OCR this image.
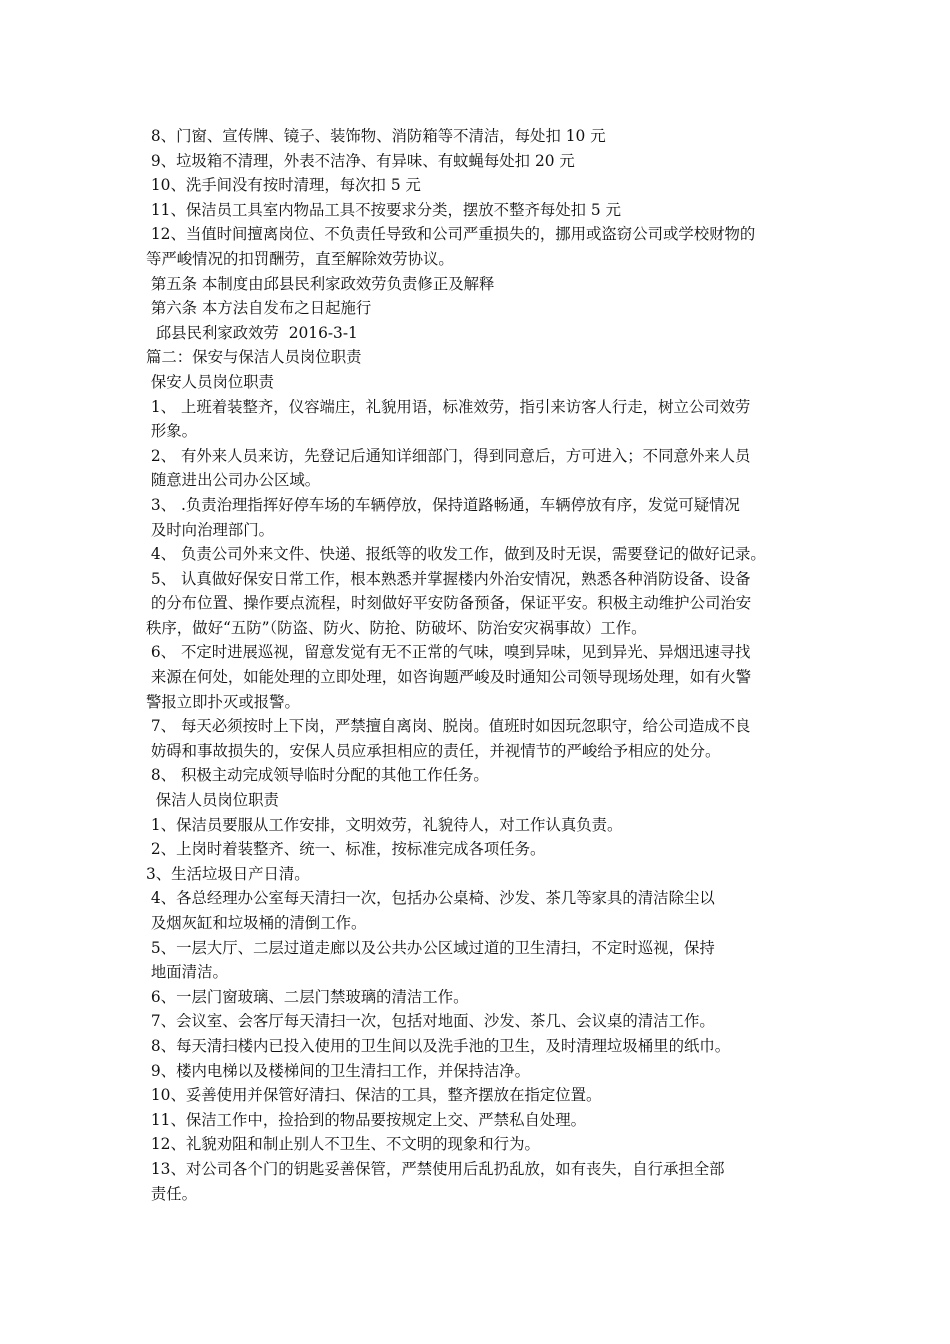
8、门窗、宣传牌、镜子、装饰物、消防箱等不清洁，每处扣 10 元
9、垃圾箱不清理，外表不洁净、有异味、有蚊蝇每处扣 20 元
10、洗手间没有按时清理，每次扣 5 元
11、保洁员工具室内物品工具不按要求分类，摆放不整齐每处扣 5 元
12、当值时间擅离岗位、不负责任导致和公司严重损失的，挪用或盗窃公司或学校财物的
等严峻情况的扣罚酬劳，直至解除效劳协议。
第五条 本制度由邱县民利家政效劳负责修正及解释
第六条 本方法自发布之日起施行
邱县民利家政效劳  2016-3-1
篇二：保安与保洁人员岗位职责
保安人员岗位职责
1、 上班着装整齐，仪容端庄，礼貌用语，标准效劳，指引来访客人行走，树立公司效劳
形象。
2、 有外来人员来访，先登记后通知详细部门，得到同意后，方可进入；不同意外来人员
随意进出公司办公区域。
3、 .负责治理指挥好停车场的车辆停放，保持道路畅通，车辆停放有序，发觉可疑情况
及时向治理部门。
4、 负责公司外来文件、快递、报纸等的收发工作，做到及时无误，需要登记的做好记录。
5、 认真做好保安日常工作，根本熟悉并掌握楼内外治安情况，熟悉各种消防设备、设备
的分布位置、操作要点流程，时刻做好平安防备预备，保证平安。积极主动维护公司治安
秩序，做好“五防”（防盗、防火、防抢、防破坏、防治安灾祸事故）工作。
6、 不定时进展巡视，留意发觉有无不正常的气味，嗅到异味，见到异光、异烟迅速寻找
来源在何处，如能处理的立即处理，如咨询题严峻及时通知公司领导现场处理，如有火警
警报立即扑灭或报警。
7、 每天必须按时上下岗，严禁擅自离岗、脱岗。值班时如因玩忽职守，给公司造成不良
妨碍和事故损失的，安保人员应承担相应的责任，并视情节的严峻给予相应的处分。
8、 积极主动完成领导临时分配的其他工作任务。
保洁人员岗位职责
1、保洁员要服从工作安排，文明效劳，礼貌待人，对工作认真负责。
2、上岗时着装整齐、统一、标准，按标准完成各项任务。
3、生活垃圾日产日清。
4、各总经理办公室每天清扫一次，包括办公桌椅、沙发、茶几等家具的清洁除尘以
及烟灰缸和垃圾桶的清倒工作。
5、一层大厅、二层过道走廊以及公共办公区域过道的卫生清扫，不定时巡视，保持
地面清洁。
6、一层门窗玻璃、二层门禁玻璃的清洁工作。
7、会议室、会客厅每天清扫一次，包括对地面、沙发、茶几、会议桌的清洁工作。
8、每天清扫楼内已投入使用的卫生间以及洗手池的卫生，及时清理垃圾桶里的纸巾。
9、楼内电梯以及楼梯间的卫生清扫工作，并保持洁净。
10、妥善使用并保管好清扫、保洁的工具，整齐摆放在指定位置。
11、保洁工作中，捡拾到的物品要按规定上交、严禁私自处理。
12、礼貌劝阻和制止别人不卫生、不文明的现象和行为。
13、对公司各个门的钥匙妥善保管，严禁使用后乱扔乱放，如有丧失，自行承担全部
责任。
